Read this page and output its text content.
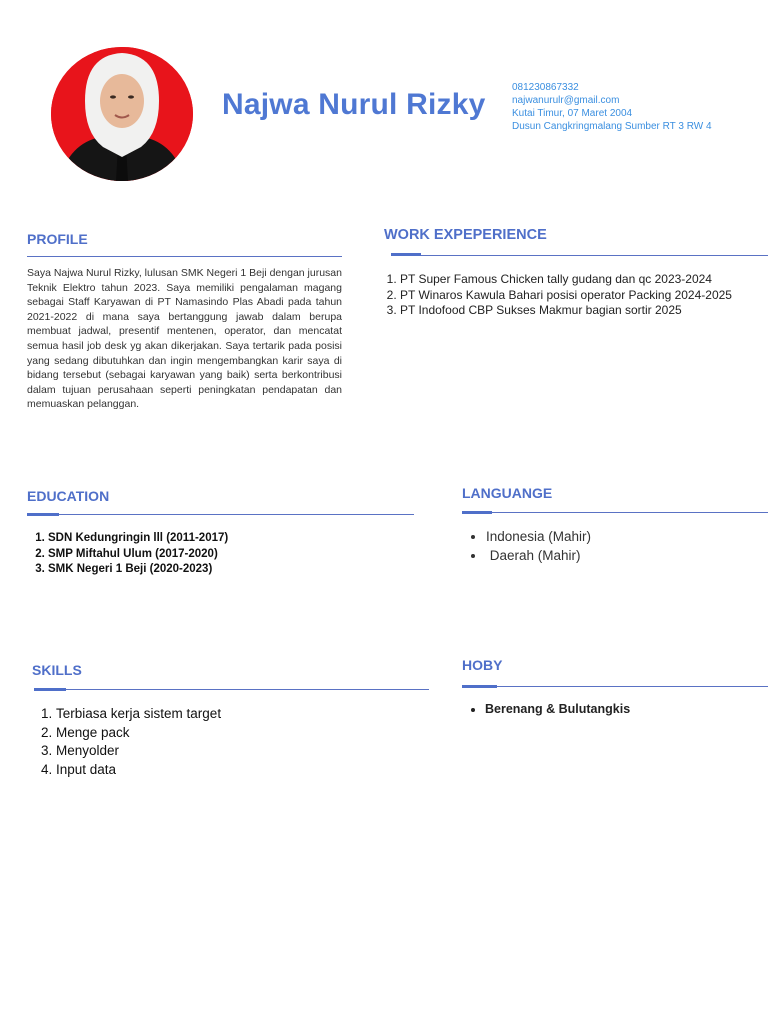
Najwa Nurul Rizky
081230867332
najwanurulr@gmail.com
Kutai Timur, 07 Maret 2004
Dusun Cangkringmalang Sumber RT 3 RW 4
PROFILE

Saya Najwa Nurul Rizky, lulusan SMK Negeri 1 Beji dengan jurusan Teknik Elektro tahun 2023. Saya memiliki pengalaman magang sebagai Staff Karyawan di PT Namasindo Plas Abadi pada tahun 2021-2022 di mana saya bertanggung jawab dalam berupa membuat jadwal, presentif mentenen, operator, dan mencatat semua hasil job desk yg akan dikerjakan. Saya tertarik pada posisi yang sedang dibutuhkan dan ingin mengembangkan karir saya di bidang tersebut (sebagai karyawan yang baik) serta berkontribusi dalam tujuan perusahaan seperti peningkatan pendapatan dan memuaskan pelanggan.

WORK EXPEPERIENCE
1. PT Super Famous Chicken tally gudang dan qc 2023-2024
2. PT Winaros Kawula Bahari posisi operator Packing 2024-2025
3. PT Indofood CBP Sukses Makmur bagian sortir 2025
EDUCATION
1. SDN Kedungringin lll (2011-2017)
2. SMP Miftahul Ulum (2017-2020)
3. SMK Negeri 1 Beji (2020-2023)
LANGUANGE
• Indonesia (Mahir)
•  Daerah (Mahir)
SKILLS
1. Terbiasa kerja sistem target
2. Menge pack
3. Menyolder
4. Input data
HOBY
• Berenang & Bulutangkis
